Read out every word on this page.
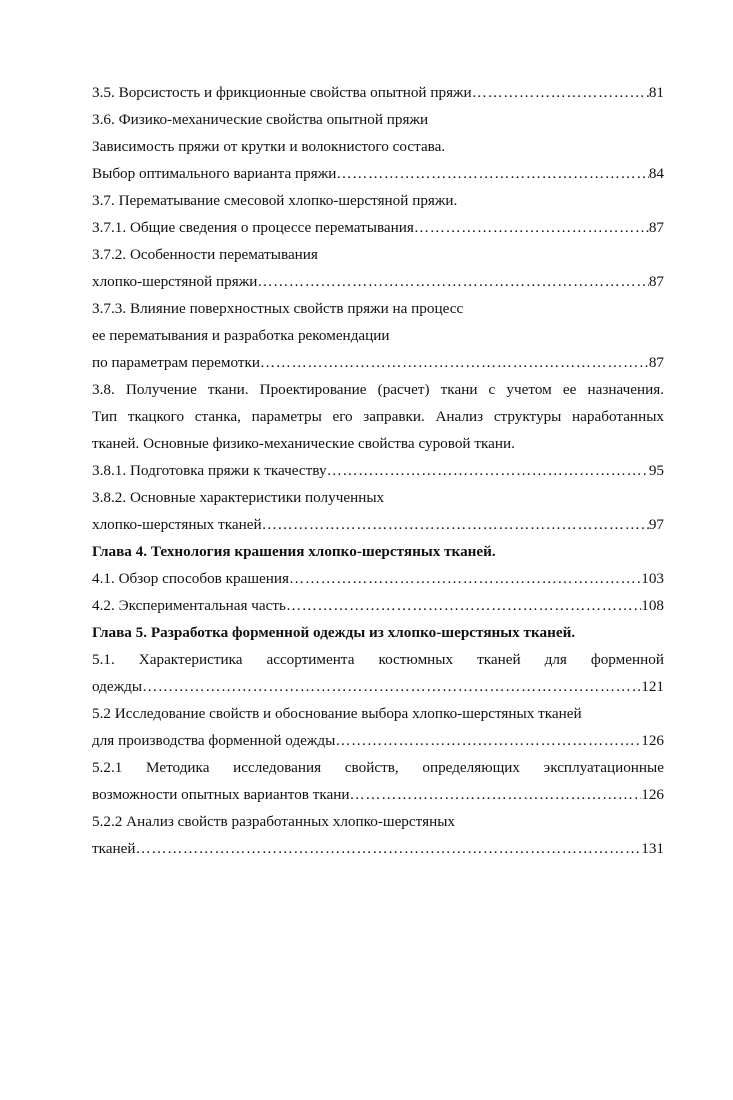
3.5. Ворсистость и фрикционные свойства опытной пряжи …………………………………………………………………………………………………………………………………………………………	81
3.6. Физико-механические свойства опытной пряжи
Зависимость пряжи от крутки и волокнистого состава.
Выбор оптимального варианта пряжи …………………………………………………………………………………………………………………………………………………………	84
3.7. Перематывание смесовой хлопко-шерстяной пряжи.
3.7.1. Общие сведения о процессе перематывания …………………………………………………………………………………………………………………………………………………………	87
3.7.2. Особенности перематывания
хлопко-шерстяной пряжи …………………………………………………………………………………………………………………………………………………………	87
3.7.3. Влияние поверхностных свойств пряжи на процесс
ее перематывания и разработка рекомендации
по параметрам перемотки …………………………………………………………………………………………………………………………………………………………	87
3.8. Получение ткани. Проектирование (расчет) ткани с учетом ее назначения.
Тип ткацкого станка, параметры его заправки. Анализ структуры наработанных
тканей. Основные физико-механические свойства суровой ткани.
3.8.1. Подготовка пряжи к ткачеству …………………………………………………………………………………………………………………………………………………………	95
3.8.2. Основные характеристики полученных
хлопко-шерстяных тканей …………………………………………………………………………………………………………………………………………………………	97
Глава 4. Технология крашения хлопко-шерстяных тканей.
4.1. Обзор способов крашения …………………………………………………………………………………………………………………………………………………………	103
4.2. Экспериментальная часть …………………………………………………………………………………………………………………………………………………………	108
Глава 5. Разработка форменной одежды из хлопко-шерстяных тканей.
5.1. Характеристика ассортимента костюмных тканей для форменной
одежды …………………………………………………………………………………………………………………………………………………………	121
5.2 Исследование свойств и обоснование выбора хлопко-шерстяных тканей
для производства форменной одежды …………………………………………………………………………………………………………………………………………………………	126
5.2.1 Методика исследования свойств, определяющих эксплуатационные
возможности опытных вариантов ткани …………………………………………………………………………………………………………………………………………………………	126
5.2.2 Анализ свойств разработанных хлопко-шерстяных
тканей …………………………………………………………………………………………………………………………………………………………	131
